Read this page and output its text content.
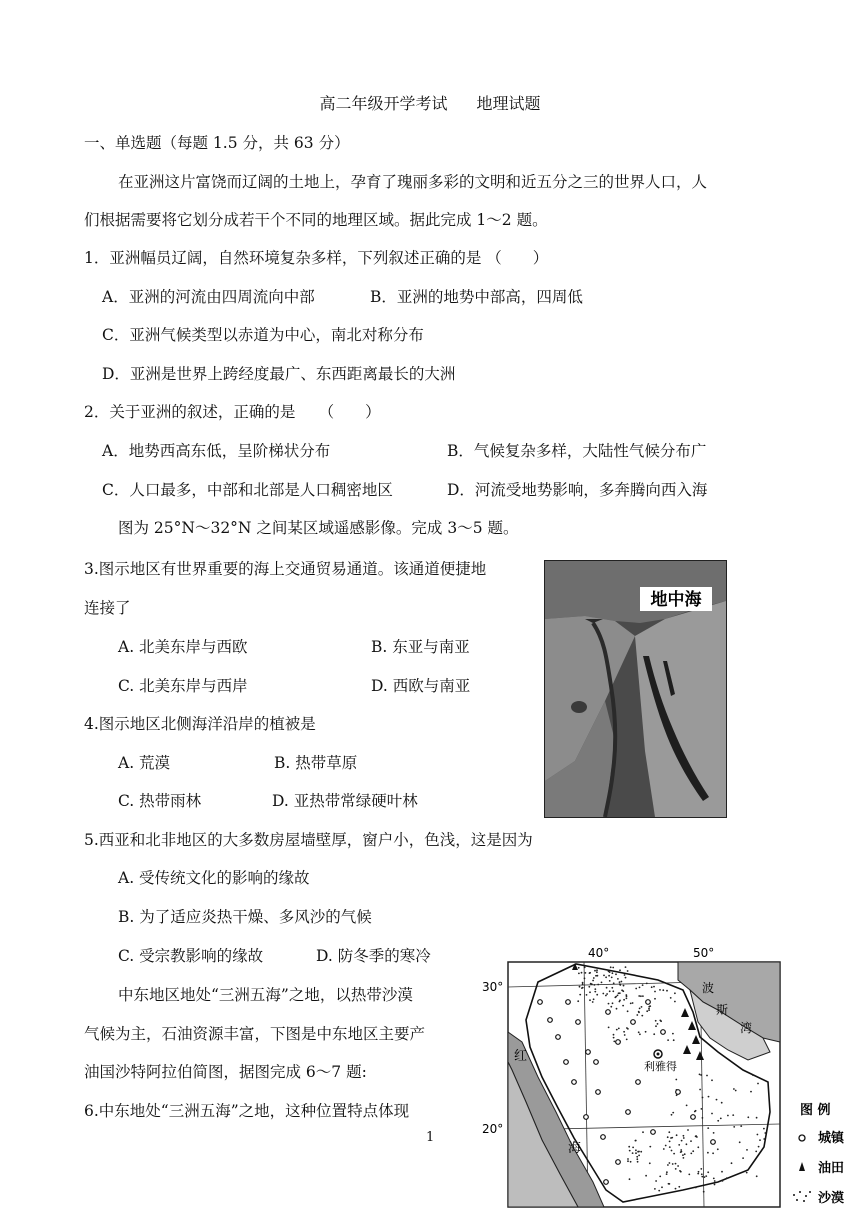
高二年级开学考试 地理试题
一、单选题（每题 1.5 分，共 63 分）
在亚洲这片富饶而辽阔的土地上，孕育了瑰丽多彩的文明和近五分之三的世界人口，人
们根据需要将它划分成若干个不同的地理区域。据此完成 1～2 题。
1．亚洲幅员辽阔，自然环境复杂多样，下列叙述正确的是 （　　）
A．亚洲的河流由四周流向中部	B．亚洲的地势中部高，四周低
C．亚洲气候类型以赤道为中心，南北对称分布
D．亚洲是世界上跨经度最广、东西距离最长的大洲
2．关于亚洲的叙述，正确的是　　（　　）
A．地势西高东低，呈阶梯状分布	B．气候复杂多样，大陆性气候分布广
C．人口最多，中部和北部是人口稠密地区	D．河流受地势影响，多奔腾向西入海
图为 25°N～32°N 之间某区域遥感影像。完成 3～5 题。
3.图示地区有世界重要的海上交通贸易通道。该通道便捷地
连接了
A. 北美东岸与西欧	B. 东亚与南亚
C. 北美东岸与西岸	D. 西欧与南亚
4.图示地区北侧海洋沿岸的植被是
A. 荒漠	B. 热带草原
C. 热带雨林	D. 亚热带常绿硬叶林
地中海
5.西亚和北非地区的大多数房屋墙壁厚，窗户小，色浅，这是因为
A. 受传统文化的影响的缘故
B. 为了适应炎热干燥、多风沙的气候
C. 受宗教影响的缘故	D. 防冬季的寒冷
中东地区地处“三洲五海”之地，以热带沙漠
气候为主，石油资源丰富，下图是中东地区主要产
油国沙特阿拉伯简图，据图完成 6～7 题:
6.中东地处“三洲五海”之地，这种位置特点体现
1
40°	50°
30°
20°
利雅得
红
海
波
斯
湾
图 例
城镇
油田
沙漠
